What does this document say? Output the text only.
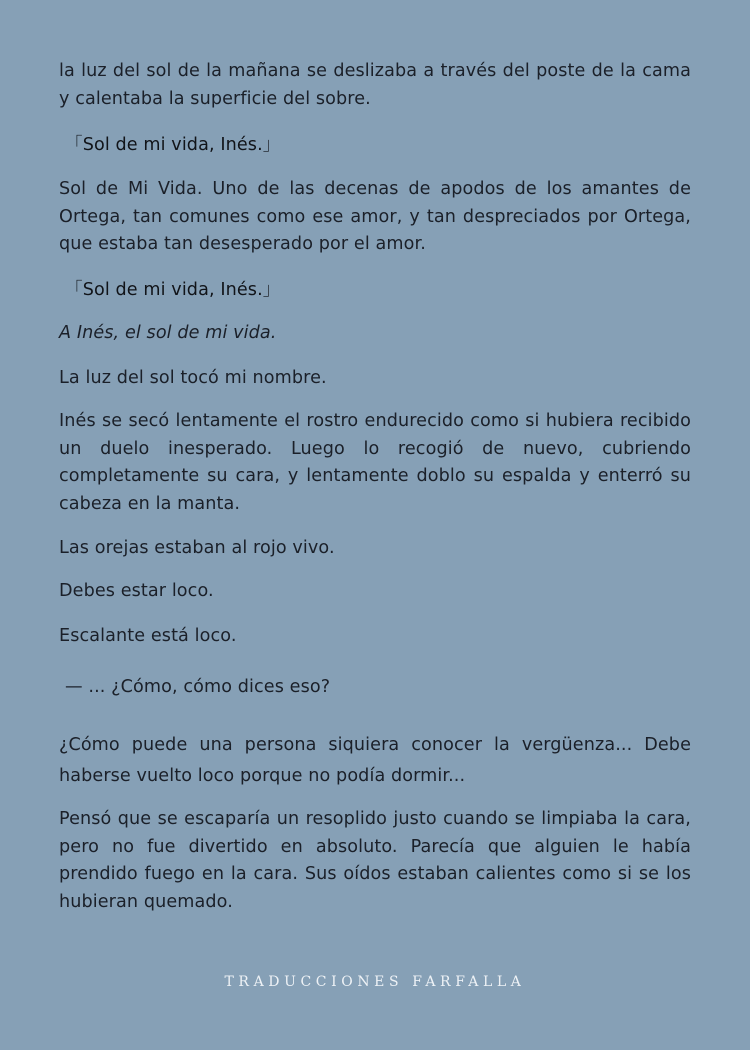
la luz del sol de la mañana se deslizaba a través del poste de la cama y calentaba la superficie del sobre.

「Sol de mi vida, Inés.」

Sol de Mi Vida. Uno de las decenas de apodos de los amantes de Ortega, tan comunes como ese amor, y tan despreciados por Ortega, que estaba tan desesperado por el amor.

「Sol de mi vida, Inés.」

A Inés, el sol de mi vida.

La luz del sol tocó mi nombre.

Inés se secó lentamente el rostro endurecido como si hubiera recibido un duelo inesperado. Luego lo recogió de nuevo, cubriendo completamente su cara, y lentamente doblo su espalda y enterró su cabeza en la manta.

Las orejas estaban al rojo vivo.

Debes estar loco.

Escalante está loco.

— ... ¿Cómo, cómo dices eso?

¿Cómo puede una persona siquiera conocer la vergüenza... Debe haberse vuelto loco porque no podía dormir...

Pensó que se escaparía un resoplido justo cuando se limpiaba la cara, pero no fue divertido en absoluto. Parecía que alguien le había prendido fuego en la cara. Sus oídos estaban calientes como si se los hubieran quemado.

TRADUCCIONES FARFALLA
